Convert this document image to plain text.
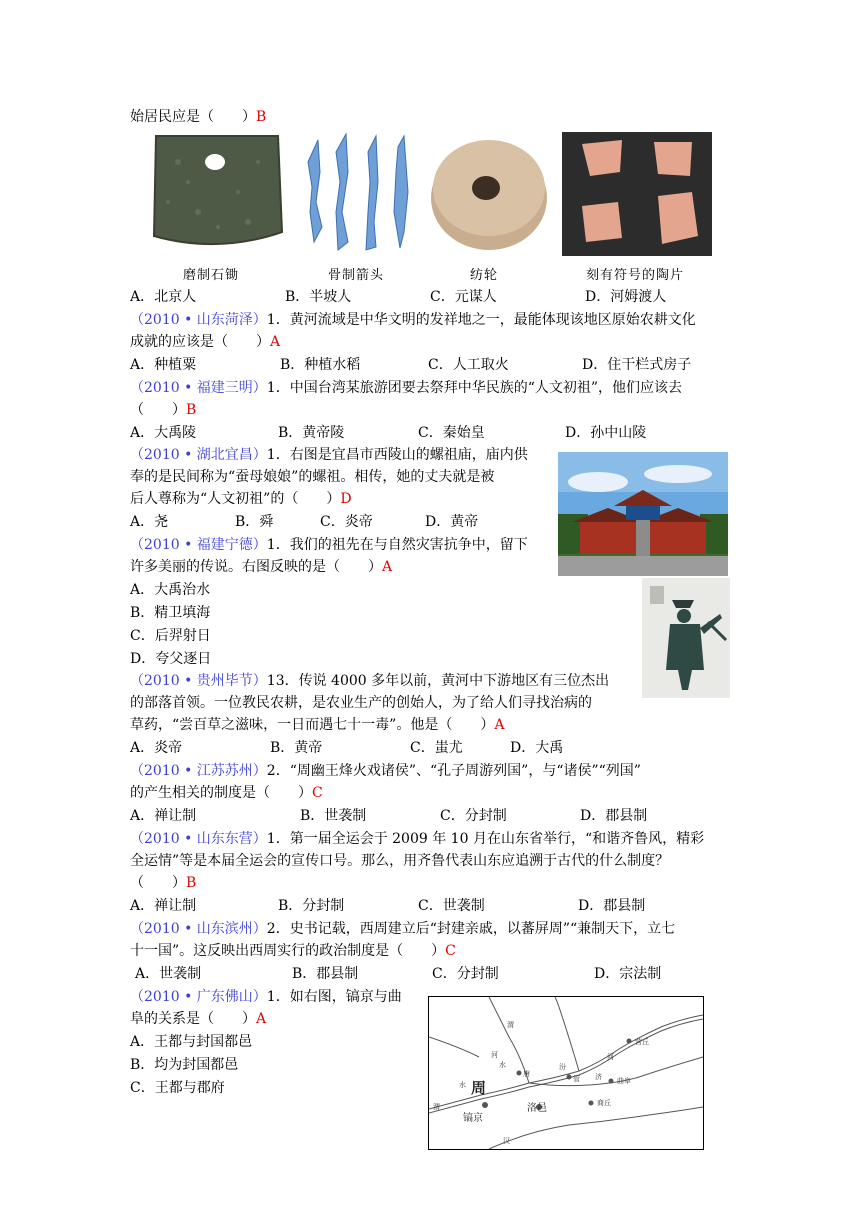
始居民应是（　　）B
磨制石锄	骨制箭头	纺轮	刻有符号的陶片
A．北京人	B．半坡人	C．元谋人	D．河姆渡人
（2010 • 山东菏泽）1．黄河流域是中华文明的发祥地之一，最能体现该地区原始农耕文化
成就的应该是（　　）A
A．种植粟	B．种植水稻	C．人工取火	D．住干栏式房子
（2010 • 福建三明）1．中国台湾某旅游团要去祭拜中华民族的“人文初祖”，他们应该去
（　　）B
A．大禹陵	B．黄帝陵	C．秦始皇	D．孙中山陵
（2010 • 湖北宜昌）1．右图是宜昌市西陵山的螺祖庙，庙内供
奉的是民间称为“蚕母娘娘”的螺祖。相传，她的丈夫就是被
后人尊称为“人文初祖”的（　　）D
A．尧	B．舜	C．炎帝	D．黄帝
（2010 • 福建宁德）1．我们的祖先在与自然灾害抗争中，留下
许多美丽的传说。右图反映的是（　　）A
A．大禹治水
B．精卫填海
C．后羿射日
D．夸父逐日
（2010 • 贵州毕节）13．传说 4000 多年以前，黄河中下游地区有三位杰出
的部落首领。一位教民农耕，是农业生产的创始人，为了给人们寻找治病的
草药，“尝百草之滋味，一日而遇七十一毒”。他是（　　）A
A．炎帝	B．黄帝	C．蚩尤	D．大禹
（2010 • 江苏苏州）2．“周幽王烽火戏诸侯”、“孔子周游列国”，与“诸侯”“列国”
的产生相关的制度是（　　）C
A．禅让制	B．世袭制	C．分封制	D．郡县制
（2010 • 山东东营）1．第一届全运会于 2009 年 10 月在山东省举行，“和谐齐鲁风，精彩
全运情”等是本届全运会的宣传口号。那么，用齐鲁代表山东应追溯于古代的什么制度？
（　　）B
A．禅让制	B．分封制	C．世袭制	D．郡县制
（2010 • 山东滨州）2．史书记载，西周建立后“封建亲戚，以蕃屏周”“兼制天下，立七
十一国”。这反映出西周实行的政治制度是（　　）C
A．世袭制	B．郡县制	C．分封制	D．宗法制
（2010 • 广东佛山）1．如右图，镐京与曲
阜的关系是（　　）A
A．王都与封国都邑
B．均为封国都邑
C．王都与郡府	周
镐京
洛邑
曲阜
商丘
营丘
管
唐
渭
渭
河	河
水
水
汾
汉
济
